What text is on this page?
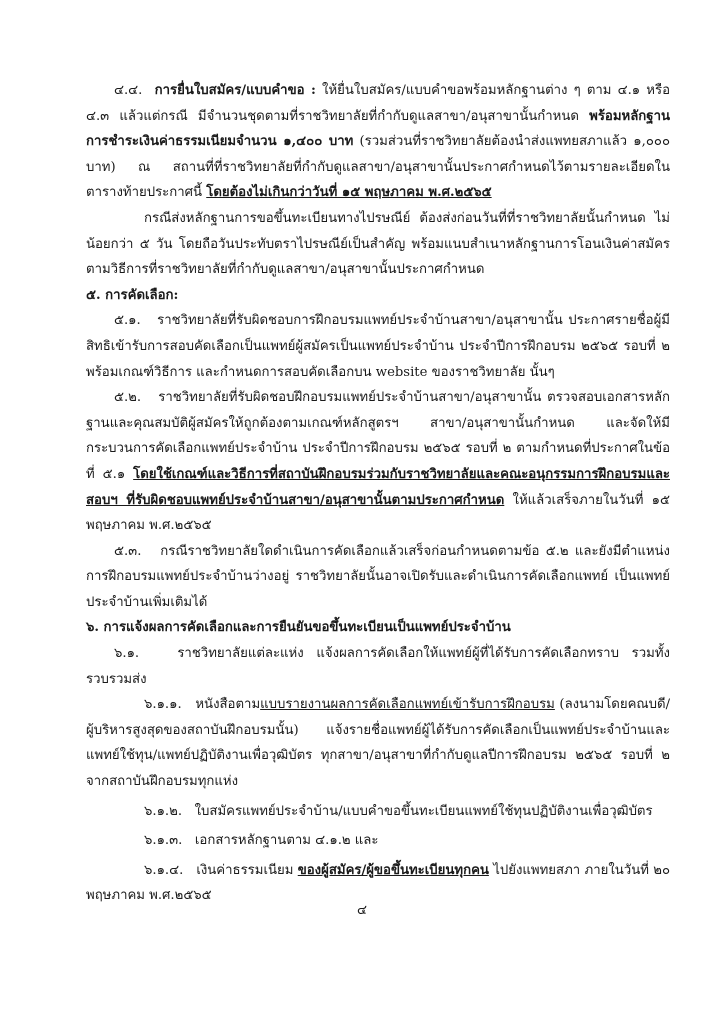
๔.๔. การยื่นใบสมัคร/แบบคำขอ : ให้ยื่นใบสมัคร/แบบคำขอพร้อมหลักฐานต่าง ๆ ตาม ๔.๑ หรือ ๔.๓ แล้วแต่กรณี มีจำนวนชุดตามที่ราชวิทยาลัยที่กำกับดูแลสาขา/อนุสาขานั้นกำหนด พร้อมหลักฐานการชำระเงินค่าธรรมเนียมจำนวน ๑,๔๐๐ บาท (รวมส่วนที่ราชวิทยาลัยต้องนำส่งแพทยสภาแล้ว ๑,๐๐๐ บาท) ณ สถานที่ที่ราชวิทยาลัยที่กำกับดูแลสาขา/อนุสาขานั้นประกาศกำหนดไว้ตามรายละเอียดในตารางท้ายประกาศนี้ โดยต้องไม่เกินกว่าวันที่ ๑๕ พฤษภาคม พ.ศ.๒๕๖๕

กรณีส่งหลักฐานการขอขึ้นทะเบียนทางไปรษณีย์ ต้องส่งก่อนวันที่ที่ราชวิทยาลัยนั้นกำหนด ไม่น้อยกว่า ๕ วัน โดยถือวันประทับตราไปรษณีย์เป็นสำคัญ พร้อมแนบสำเนาหลักฐานการโอนเงินค่าสมัครตามวิธีการที่ราชวิทยาลัยที่กำกับดูแลสาขา/อนุสาขานั้นประกาศกำหนด

๕. การคัดเลือก:

๕.๑. ราชวิทยาลัยที่รับผิดชอบการฝึกอบรมแพทย์ประจำบ้านสาขา/อนุสาขานั้น ประกาศรายชื่อผู้มีสิทธิเข้ารับการสอบคัดเลือกเป็นแพทย์ผู้สมัครเป็นแพทย์ประจำบ้าน ประจำปีการฝึกอบรม ๒๕๖๕ รอบที่ ๒ พร้อมเกณฑ์วิธีการ และกำหนดการสอบคัดเลือกบน website ของราชวิทยาลัย นั้นๆ

๕.๒. ราชวิทยาลัยที่รับผิดชอบฝึกอบรมแพทย์ประจำบ้านสาขา/อนุสาขานั้น ตรวจสอบเอกสารหลักฐานและคุณสมบัติผู้สมัครให้ถูกต้องตามเกณฑ์หลักสูตรฯ สาขา/อนุสาขานั้นกำหนด และจัดให้มีกระบวนการคัดเลือกแพทย์ประจำบ้าน ประจำปีการฝึกอบรม ๒๕๖๕ รอบที่ ๒ ตามกำหนดที่ประกาศในข้อที่ ๕.๑ โดยใช้เกณฑ์และวิธีการที่สถาบันฝึกอบรมร่วมกับราชวิทยาลัยและคณะอนุกรรมการฝึกอบรมและสอบฯ ที่รับผิดชอบแพทย์ประจำบ้านสาขา/อนุสาขานั้นตามประกาศกำหนด ให้แล้วเสร็จภายในวันที่ ๑๕ พฤษภาคม พ.ศ.๒๕๖๕

๕.๓. กรณีราชวิทยาลัยใดดำเนินการคัดเลือกแล้วเสร็จก่อนกำหนดตามข้อ ๕.๒ และยังมีตำแหน่งการฝึกอบรมแพทย์ประจำบ้านว่างอยู่ ราชวิทยาลัยนั้นอาจเปิดรับและดำเนินการคัดเลือกแพทย์ เป็นแพทย์ประจำบ้านเพิ่มเติมได้

๖. การแจ้งผลการคัดเลือกและการยืนยันขอขึ้นทะเบียนเป็นแพทย์ประจำบ้าน

๖.๑.	ราชวิทยาลัยแต่ละแห่ง แจ้งผลการคัดเลือกให้แพทย์ผู้ที่ได้รับการคัดเลือกทราบ รวมทั้งรวบรวมส่ง

๖.๑.๑. หนังสือตามแบบรายงานผลการคัดเลือกแพทย์เข้ารับการฝึกอบรม (ลงนามโดยคณบดี/ผู้บริหารสูงสุดของสถาบันฝึกอบรมนั้น) แจ้งรายชื่อแพทย์ผู้ได้รับการคัดเลือกเป็นแพทย์ประจำบ้านและแพทย์ใช้ทุน/แพทย์ปฏิบัติงานเพื่อวุฒิบัตร ทุกสาขา/อนุสาขาที่กำกับดูแลปีการฝึกอบรม ๒๕๖๕ รอบที่ ๒ จากสถาบันฝึกอบรมทุกแห่ง

๖.๑.๒. ใบสมัครแพทย์ประจำบ้าน/แบบคำขอขึ้นทะเบียนแพทย์ใช้ทุนปฏิบัติงานเพื่อวุฒิบัตร

๖.๑.๓. เอกสารหลักฐานตาม ๔.๑.๒ และ

๖.๑.๔. เงินค่าธรรมเนียม ของผู้สมัคร/ผู้ขอขึ้นทะเบียนทุกคน ไปยังแพทยสภา ภายในวันที่ ๒๐ พฤษภาคม พ.ศ.๒๕๖๕

๔
